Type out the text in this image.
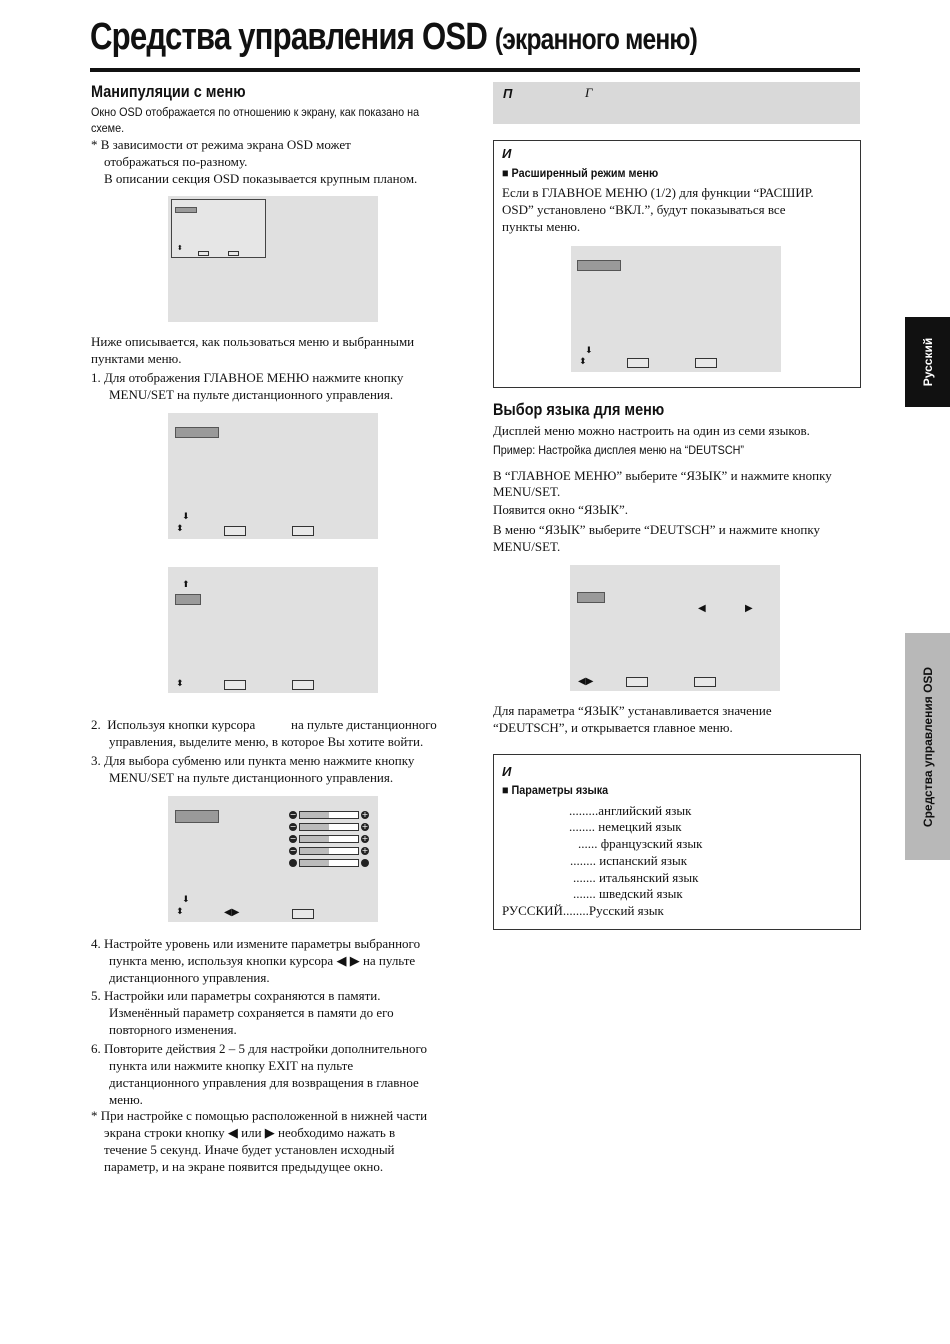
Средства управления OSD (экранного меню)
Манипуляции с меню
Окно OSD отображается по отношению к экрану, как показано на схеме.
* В зависимости от режима экрана OSD может
отображаться по-разному.
В описании секция OSD показывается крупным планом.
⬍
Ниже описывается, как пользоваться меню и выбранными
пунктами меню.
1. Для отображения ГЛАВНОЕ МЕНЮ нажмите кнопку
MENU/SET на пульте дистанционного управления.
⬇
⬍
⬆
⬍
2.  Используя кнопки курсора           на пульте дистанционного
управления, выделите меню, в которое Вы хотите войти.
3. Для выбора субменю или пункта меню нажмите кнопку
MENU/SET на пульте дистанционного управления.
−	+
−	+
−	+
−	+
⬇
⬍	◀▶
4. Настройте уровень или измените параметры выбранного
пункта меню, используя кнопки курсора ◀ ▶ на пульте
дистанционного управления.
5. Настройки или параметры сохраняются в памяти.
Изменённый параметр сохраняется в памяти до его
повторного изменения.
6. Повторите действия 2 – 5 для настройки дополнительного
пункта или нажмите кнопку EXIT на пульте
дистанционного управления для возвращения в главное
меню.
* При настройке с помощью расположенной в нижней части
экрана строки кнопку ◀ или ▶ необходимо нажать в
течение 5 секунд. Иначе будет установлен исходный
параметр, и на экране появится предыдущее окно.
П	Г
И
■ Расширенный режим меню
Если в ГЛАВНОЕ МЕНЮ (1/2) для функции “РАСШИР.
OSD” установлено “ВКЛ.”, будут показываться все
пункты меню.
⬇
⬍
Выбор языка для меню
Дисплей меню можно настроить на один из семи языков.
Пример: Настройка дисплея меню на “DEUTSCH”
В “ГЛАВНОЕ МЕНЮ” выберите “ЯЗЫК” и нажмите кнопку
MENU/SET.
Появится окно “ЯЗЫК”.
В меню “ЯЗЫК” выберите “DEUTSCH” и нажмите кнопку
MENU/SET.
◀	▶
◀▶
Для параметра “ЯЗЫК” устанавливается значение
“DEUTSCH”, и открывается главное меню.
И
■ Параметры языка
.........английский язык
........ немецкий язык
...... французский язык
........ испанский язык
....... итальянский язык
....... шведский язык
РУССКИЙ........Русский язык
Русский
Средства управления OSD
